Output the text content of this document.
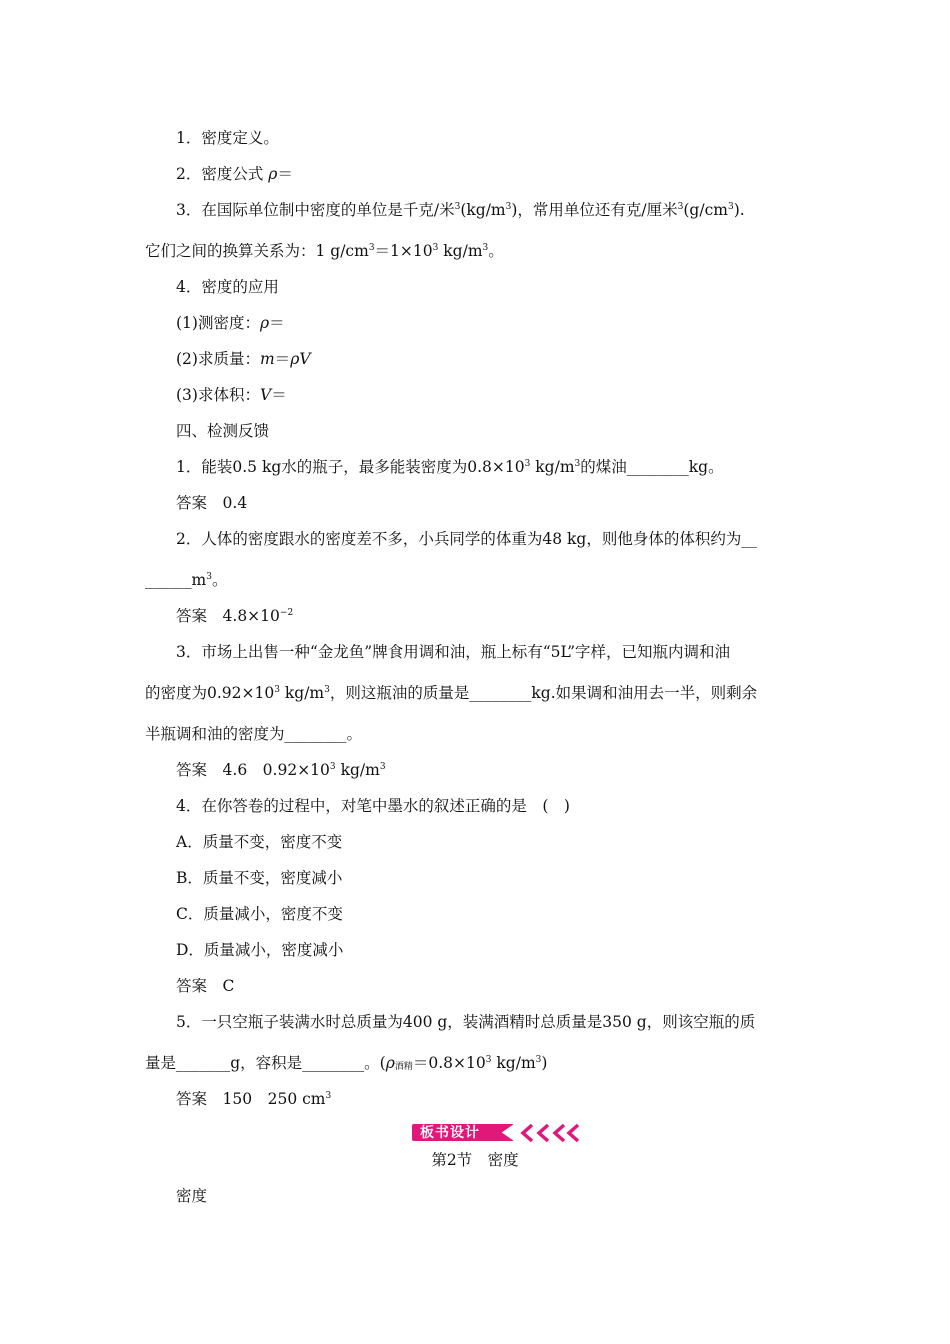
1．密度定义。
2．密度公式 ρ＝
3．在国际单位制中密度的单位是千克/米$^3(kg/m^3)$，常用单位还有克/厘米$^3(g/cm^3)$.
它们之间的换算关系为：1 $g/cm^3=1\times 10^3$ $kg/m^3$。
4．密度的应用
(1)测密度：ρ＝
(2)求质量：m＝ρV
(3)求体积：V＝
四、检测反馈
1．能装0.5 kg水的瓶子，最多能装密度为$0.8\times 10^3$ $kg/m^3$的煤油________kg。
答案　 0.4
2．人体的密度跟水的密度差不多，小兵同学的体重为48 kg，则他身体的体积约为__
$\_\_\_\_\_\_m^3$。
答案　 $4.8\times 10^{-2}$
3．市场上出售一种“金龙鱼”牌食用调和油，瓶上标有“5L”字样，已知瓶内调和油
的密度为$0.92\times 10^3$ $kg/m^3$，则这瓶油的质量是________kg.如果调和油用去一半，则剩余
半瓶调和油的密度为________。
答案　 4.6　$0.92\times 10^3$ $kg/m^3$
4．在你答卷的过程中，对笔中墨水的叙述正确的是　(　)
A．质量不变，密度不变
B．质量不变，密度减小
C．质量减小，密度不变
D．质量减小，密度减小
答案　 C
5．一只空瓶子装满水时总质量为400 g，装满酒精时总质量是350 g，则该空瓶的质
量是_______g，容积是________。($\rho_{酒精}=0.8\times 10^3$ $kg/m^3$)
答案　 150　250 $cm^3$
板书设计
第2节　密度
密度
